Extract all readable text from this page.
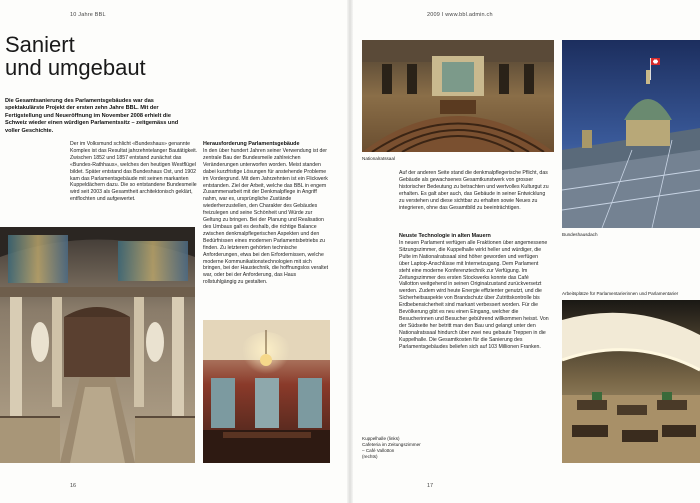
10 Jahre BBL
Saniert
und umgebaut
Die Gesamtsanierung des Parlamentsgebäudes war das spektakulärste Projekt der ersten zehn Jahre BBL. Mit der Fertigstellung und Neueröffnung im November 2008 erhielt die Schweiz wieder einen würdigen Parlamentssitz – zeitgemäss und voller Geschichte.
Der im Volksmund schlicht «Bundeshaus» genannte Komplex ist das Resultat jahrzehntelanger Bautätigkeit. Zwischen 1852 und 1857 entstand zunächst das «Bundes-Rathhaus», welches den heutigen Westflügel bildet. Später entstand das Bundeshaus Ost, und 1902 kam das Parlamentsgebäude mit seinen markanten Kuppeldächern dazu. Die so entstandene Bundesmeile wird seit 2003 als Gesamtheit architektonisch geklärt, entflochten und aufgewertet.
Herausforderung Parlamentsgebäude
In den über hundert Jahren seiner Verwendung ist der zentrale Bau der Bundesmeile zahlreichen Veränderungen unterworfen worden. Meist standen dabei kurzfristige Lösungen für anstehende Probleme im Vordergrund. Mit dem Jahrzehnten ist ein Flickwerk entstanden. Ziel der Arbeit, welche das BBL in engem Zusammenarbeit mit der Denkmalpflege in Angriff nahm, war es, ursprüngliche Zustände wiederherzustellen, den Charakter des Gebäudes freizulegen und seine Schönheit und Würde zur Geltung zu bringen. Bei der Planung und Realisation des Umbaus galt es deshalb, die richtige Balance zwischen denkmalpflegerischen Aspekten und den Bedürfnissen eines modernen Parlamentsbetriebs zu finden. Zu letzterem gehörten technische Anforderungen, etwa bei den Erfordernissen, welche moderne Kommunikationstechnologien mit sich bringen, bei der Haustechnik, die hoffnungslos veraltet war, oder bei der Anforderung, das Haus rollstuhlgängig zu gestalten.
16
2009 I www.bbl.admin.ch
Nationalratssaal
Bundeshausdach
Auf der anderen Seite stand die denkmalpflegerische Pflicht, das Gebäude als gewachsenes Gesamtkunstwerk von grosser historischer Bedeutung zu betrachten und wertvolles Kulturgut zu erhalten. Es galt aber auch, das Gebäude in seiner Entwicklung zu verstehen und diese sichtbar zu erhalten sowie Neues zu integrieren, ohne das Gesamtbild zu beeinträchtigen.
Neuste Technologie in alten Mauern
In neuen Parlament verfügen alle Fraktionen über angemessene Sitzungszimmer, die Kuppelhalle wirkt heller und würdiger, die Pulte im Nationalratssaal sind höher geworden und verfügen über Laptop-Anschlüsse mit Internetzugang. Dem Parlament steht eine moderne Konferenztechnik zur Verfügung. Im Zeitungszimmer des ersten Stockwerks konnte das Café Vallotton weitgehend in seinen Originalzustand zurückversetzt werden. Zudem wird heute Energie effizienter genutzt, und die Sicherheitsaspekte von Brandschutz über Zutrittskontrolle bis Erdbebensicherheit sind markant verbessert worden. Für die Bevölkerung gibt es neu einen Eingang, welcher die Besucherinnen und Besucher gebührend willkommen heisst. Von der Südseite her betritt man den Bau und gelangt unter den Nationalratssaal hindurch über zwei neu gebaute Treppen in die Kuppelhalle. Die Gesamtkosten für die Sanierung des Parlamentsgebäudes beliefen sich auf 103 Millionen Franken.
Arbeitsplätze für Parlamentarierinnen und Parlamentarier
Kuppelhalle (links)
Cafeteria im Zeitungszimmer
– Café Vallotton
(rechts)
17
